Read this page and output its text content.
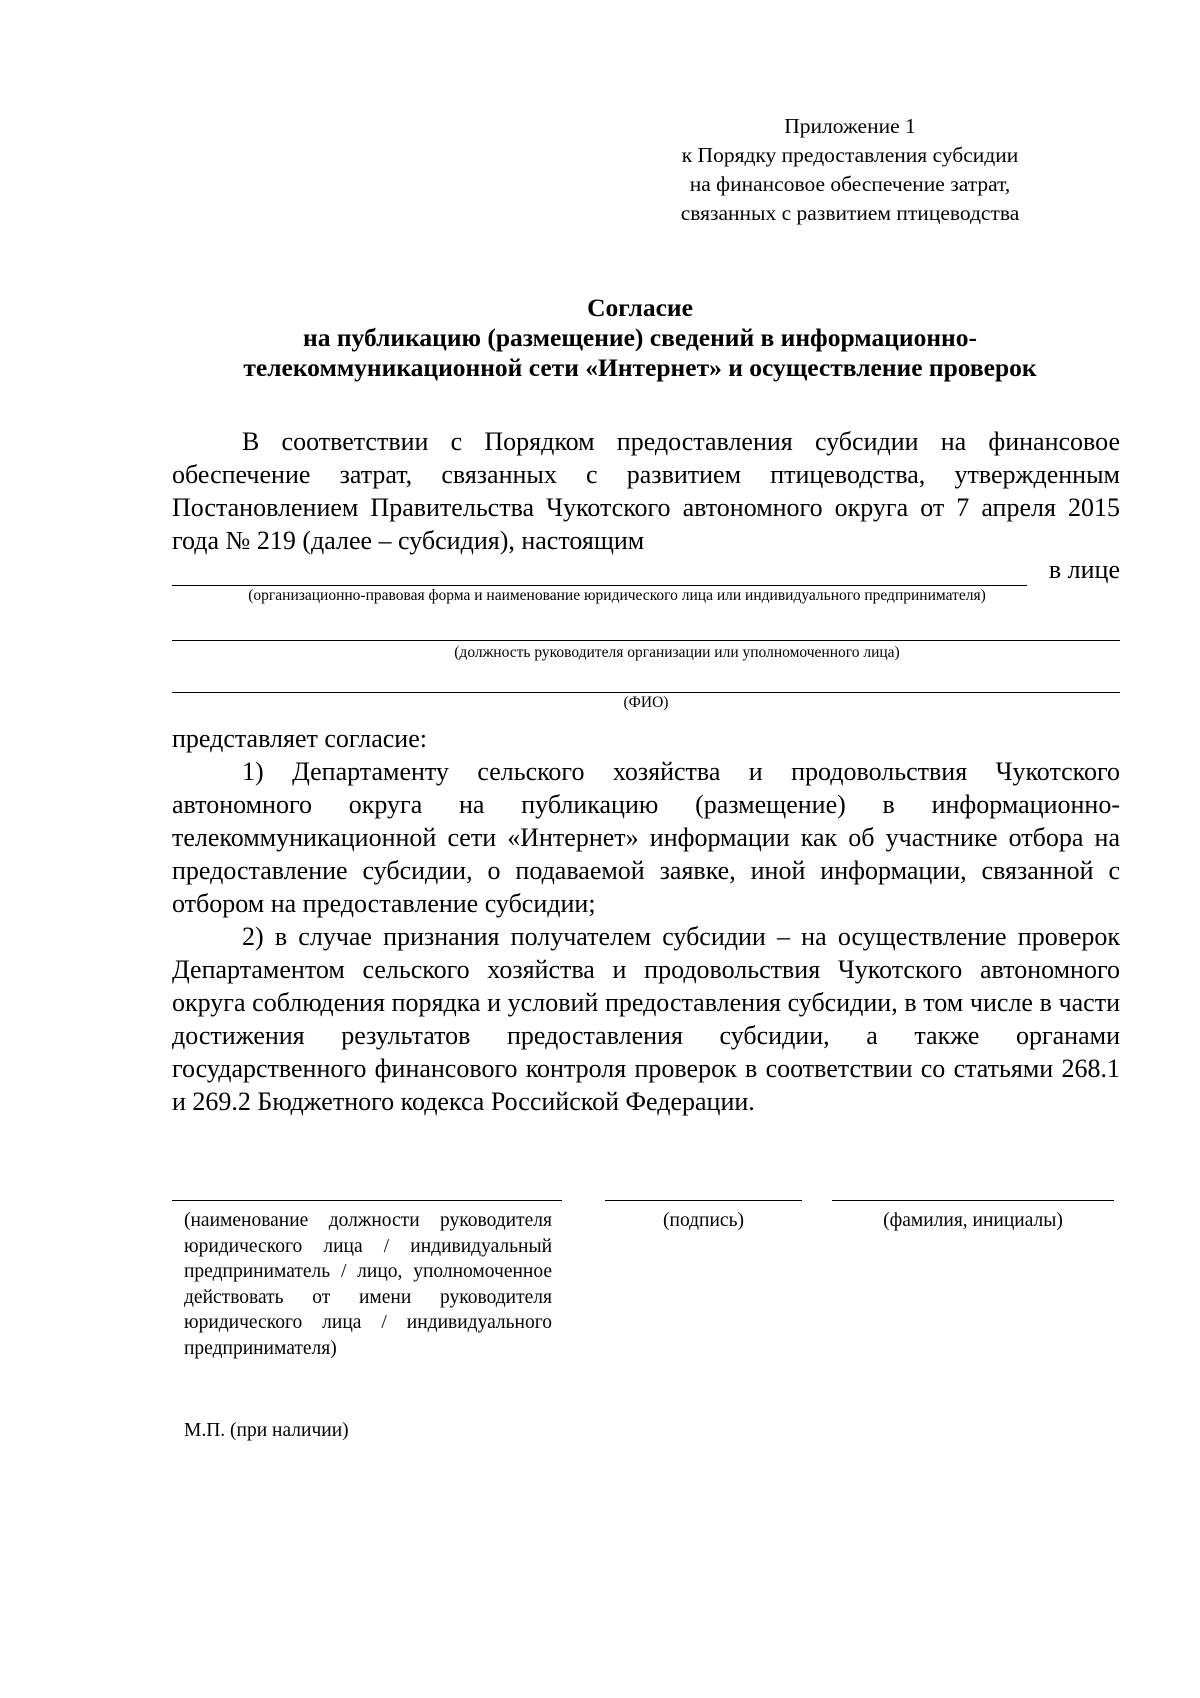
Приложение 1
к Порядку предоставления субсидии
на финансовое обеспечение затрат,
связанных с развитием птицеводства
Согласие
на публикацию (размещение) сведений в информационно-
телекоммуникационной сети «Интернет» и осуществление проверок
В соответствии с Порядком предоставления субсидии на финансовое обеспечение затрат, связанных с развитием птицеводства, утвержденным Постановлением Правительства Чукотского автономного округа от 7 апреля 2015 года № 219 (далее – субсидия), настоящим
в лице
(организационно-правовая форма и наименование юридического лица или индивидуального предпринимателя)
(должность руководителя организации или уполномоченного лица)
(ФИО)

представляет согласие:

1) Департаменту сельского хозяйства и продовольствия Чукотского автономного округа на публикацию (размещение) в информационно-телекоммуникационной сети «Интернет» информации как об участнике отбора на предоставление субсидии, о подаваемой заявке, иной информации, связанной с отбором на предоставление субсидии;

2) в случае признания получателем субсидии – на осуществление проверок Департаментом сельского хозяйства и продовольствия Чукотского автономного округа соблюдения порядка и условий предоставления субсидии, в том числе в части достижения результатов предоставления субсидии, а также органами государственного финансового контроля проверок в соответствии со статьями 268.1 и 269.2 Бюджетного кодекса Российской Федерации.

(наименование должности руководителя юридического лица / индивидуальный предприниматель / лицо, уполномоченное действовать от имени руководителя юридического лица / индивидуального предпринимателя)
(подпись)	(фамилия, инициалы)
М.П. (при наличии)
